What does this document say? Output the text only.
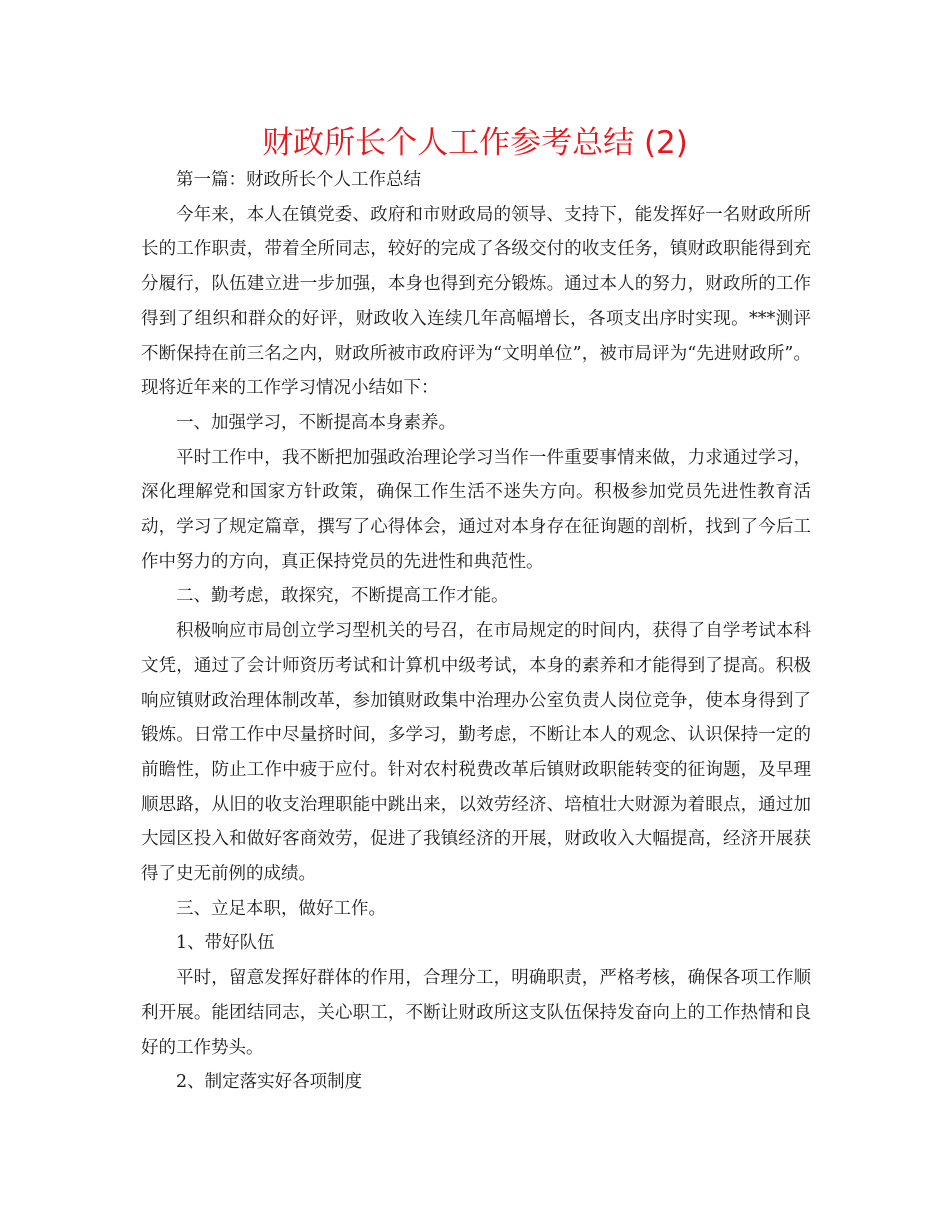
财政所长个人工作参考总结 (2)

第一篇：财政所长个人工作总结

今年来，本人在镇党委、政府和市财政局的领导、支持下，能发挥好一名财政所所长的工作职责，带着全所同志，较好的完成了各级交付的收支任务，镇财政职能得到充分履行，队伍建立进一步加强，本身也得到充分锻炼。通过本人的努力，财政所的工作得到了组织和群众的好评，财政收入连续几年高幅增长，各项支出序时实现。***测评不断保持在前三名之内，财政所被市政府评为“文明单位”，被市局评为“先进财政所”。现将近年来的工作学习情况小结如下：

一、加强学习，不断提高本身素养。

平时工作中，我不断把加强政治理论学习当作一件重要事情来做，力求通过学习，深化理解党和国家方针政策，确保工作生活不迷失方向。积极参加党员先进性教育活动，学习了规定篇章，撰写了心得体会，通过对本身存在征询题的剖析，找到了今后工作中努力的方向，真正保持党员的先进性和典范性。

二、勤考虑，敢探究，不断提高工作才能。

积极响应市局创立学习型机关的号召，在市局规定的时间内，获得了自学考试本科文凭，通过了会计师资历考试和计算机中级考试，本身的素养和才能得到了提高。积极响应镇财政治理体制改革，参加镇财政集中治理办公室负责人岗位竞争，使本身得到了锻炼。日常工作中尽量挤时间，多学习，勤考虑，不断让本人的观念、认识保持一定的前瞻性，防止工作中疲于应付。针对农村税费改革后镇财政职能转变的征询题，及早理顺思路，从旧的收支治理职能中跳出来，以效劳经济、培植壮大财源为着眼点，通过加大园区投入和做好客商效劳，促进了我镇经济的开展，财政收入大幅提高，经济开展获得了史无前例的成绩。

三、立足本职，做好工作。

1、带好队伍

平时，留意发挥好群体的作用，合理分工，明确职责，严格考核，确保各项工作顺利开展。能团结同志，关心职工，不断让财政所这支队伍保持发奋向上的工作热情和良好的工作势头。

2、制定落实好各项制度
